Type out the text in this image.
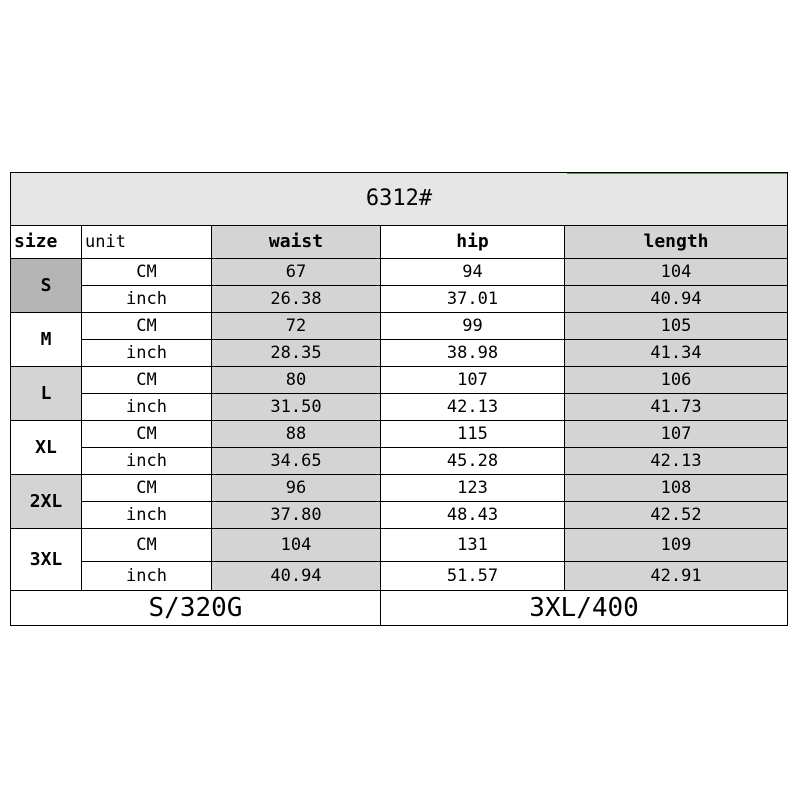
6312#				

size	unit	waist	hip	length
S	CM	67	94	104
	inch	26.38	37.01	40.94
M	CM	72	99	105
	inch	28.35	38.98	41.34
L	CM	80	107	106
	inch	31.50	42.13	41.73
XL	CM	88	115	107
	inch	34.65	45.28	42.13
2XL	CM	96	123	108
	inch	37.80	48.43	42.52
3XL	CM	104	131	109
	inch	40.94	51.57	42.91
S/320G			3XL/400	
